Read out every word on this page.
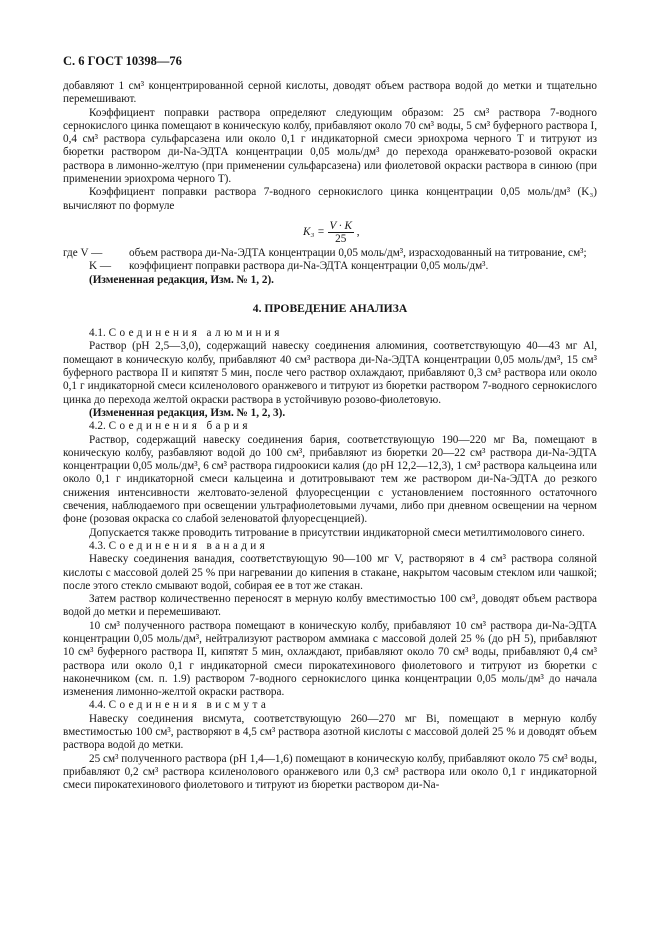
С. 6 ГОСТ 10398—76

добавляют 1 см³ концентрированной серной кислоты, доводят объем раствора водой до метки и тщательно перемешивают.

Коэффициент поправки раствора определяют следующим образом: 25 см³ раствора 7-водного сернокислого цинка помещают в коническую колбу, прибавляют около 70 см³ воды, 5 см³ буферного раствора I, 0,4 см³ раствора сульфарсазена или около 0,1 г индикаторной смеси эриохрома черного Т и титруют из бюретки раствором ди-Na-ЭДТА концентрации 0,05 моль/дм³ до перехода оранжевато-розовой окраски раствора в лимонно-желтую (при применении сульфарсазена) или фиолетовой окраски раствора в синюю (при применении эриохрома черного Т).

Коэффициент поправки раствора 7-водного сернокислого цинка концентрации 0,05 моль/дм³ (K₃) вычисляют по формуле

$K_3 = \frac{V \cdot K}{25}$ ,
где V —	объем раствора ди-Na-ЭДТА концентрации 0,05 моль/дм³, израсходованный на титрование, см³;
K —	коэффициент поправки раствора ди-Na-ЭДТА концентрации 0,05 моль/дм³.

(Измененная редакция, Изм. № 1, 2).

4. ПРОВЕДЕНИЕ АНАЛИЗА

4.1. Соединения алюминия

Раствор (рН 2,5—3,0), содержащий навеску соединения алюминия, соответствующую 40—43 мг Al, помещают в коническую колбу, прибавляют 40 см³ раствора ди-Na-ЭДТА концентрации 0,05 моль/дм³, 15 см³ буферного раствора II и кипятят 5 мин, после чего раствор охлаждают, прибавляют 0,3 см³ раствора или около 0,1 г индикаторной смеси ксиленолового оранжевого и титруют из бюретки раствором 7-водного сернокислого цинка до перехода желтой окраски раствора в устойчивую розово-фиолетовую.

(Измененная редакция, Изм. № 1, 2, 3).

4.2. Соединения бария

Раствор, содержащий навеску соединения бария, соответствующую 190—220 мг Ba, помещают в коническую колбу, разбавляют водой до 100 см³, прибавляют из бюретки 20—22 см³ раствора ди-Na-ЭДТА концентрации 0,05 моль/дм³, 6 см³ раствора гидроокиси калия (до рН 12,2—12,3), 1 см³ раствора кальцеина или около 0,1 г индикаторной смеси кальцеина и дотитровывают тем же раствором ди-Na-ЭДТА до резкого снижения интенсивности желтовато-зеленой флуоресценции с установлением постоянного остаточного свечения, наблюдаемого при освещении ультрафиолетовыми лучами, либо при дневном освещении на черном фоне (розовая окраска со слабой зеленоватой флуоресценцией).

Допускается также проводить титрование в присутствии индикаторной смеси метилтимолового синего.

4.3. Соединения ванадия

Навеску соединения ванадия, соответствующую 90—100 мг V, растворяют в 4 см³ раствора соляной кислоты с массовой долей 25 % при нагревании до кипения в стакане, накрытом часовым стеклом или чашкой; после этого стекло смывают водой, собирая ее в тот же стакан.

Затем раствор количественно переносят в мерную колбу вместимостью 100 см³, доводят объем раствора водой до метки и перемешивают.

10 см³ полученного раствора помещают в коническую колбу, прибавляют 10 см³ раствора ди-Na-ЭДТА концентрации 0,05 моль/дм³, нейтрализуют раствором аммиака с массовой долей 25 % (до рН 5), прибавляют 10 см³ буферного раствора II, кипятят 5 мин, охлаждают, прибавляют около 70 см³ воды, прибавляют 0,4 см³ раствора или около 0,1 г индикаторной смеси пирокатехинового фиолетового и титруют из бюретки с наконечником (см. п. 1.9) раствором 7-водного сернокислого цинка концентрации 0,05 моль/дм³ до начала изменения лимонно-желтой окраски раствора.

4.4. Соединения висмута

Навеску соединения висмута, соответствующую 260—270 мг Bi, помещают в мерную колбу вместимостью 100 см³, растворяют в 4,5 см³ раствора азотной кислоты с массовой долей 25 % и доводят объем раствора водой до метки.

25 см³ полученного раствора (рН 1,4—1,6) помещают в коническую колбу, прибавляют около 75 см³ воды, прибавляют 0,2 см³ раствора ксиленолового оранжевого или 0,3 см³ раствора или около 0,1 г индикаторной смеси пирокатехинового фиолетового и титруют из бюретки раствором ди-Na-
